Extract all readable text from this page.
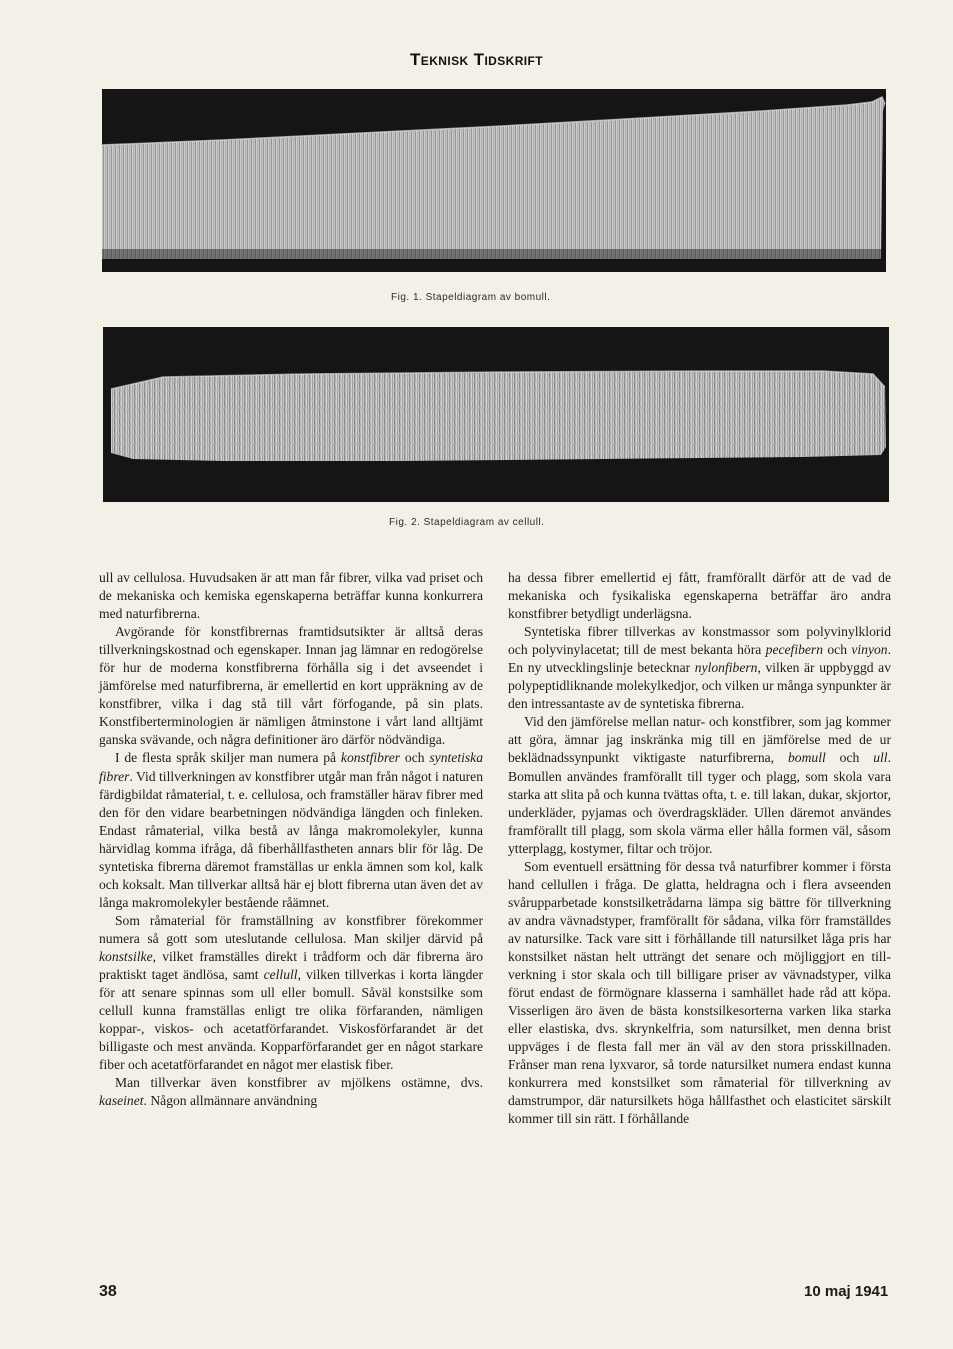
Teknisk Tidskrift
Fig. 1. Stapeldiagram av bomull.
Fig. 2. Stapeldiagram av cellull.

ull av cellulosa. Huvudsaken är att man får fibrer, vilka vad priset och de mekaniska och kemiska egenskaperna beträffar kunna konkurrera med naturfibrerna.

Avgörande för konstfibrernas framtidsutsikter är alltså deras tillverkningskostnad och egenskaper. Innan jag lämnar en redogörelse för hur de moderna konstfibrerna förhålla sig i det avseendet i jämförelse med naturfibrerna, är emellertid en kort uppräkning av de konstfibrer, vilka i dag stå till vårt förfogande, på sin plats. Konstfiberterminologien är nämligen åtminstone i vårt land alltjämt ganska svävande, och några definitioner äro därför nödvändiga.

I de flesta språk skiljer man numera på konstfibrer och syntetiska fibrer. Vid tillverkningen av konstfibrer utgår man från något i naturen färdigbildat råmaterial, t. e. cellulosa, och framställer härav fibrer med den för den vidare bearbetningen nödvändiga längden och finleken. Endast råmaterial, vilka bestå av långa makromolekyler, kunna härvidlag komma ifråga, då fiberhållfastheten annars blir för låg. De syntetiska fibrerna däremot framställas ur enkla ämnen som kol, kalk och koksalt. Man tillverkar alltså här ej blott fibrerna utan även det av långa makromolekyler bestående råämnet.

Som råmaterial för framställning av konstfibrer förekommer numera så gott som uteslutande cellulosa. Man skiljer därvid på konstsilke, vilket framställes direkt i trådform och där fibrerna äro praktiskt taget ändlösa, samt cellull, vilken tillverkas i korta längder för att senare spinnas som ull eller bomull. Såväl konstsilke som cellull kunna framställas enligt tre olika förfaranden, nämligen koppar-, viskos- och acetatförfarandet. Viskosförfarandet är det billigaste och mest använda. Kopparförfarandet ger en något starkare fiber och acetatförfarandet en något mer elastisk fiber.

Man tillverkar även konstfibrer av mjölkens ostämne, dvs. kaseinet. Någon allmännare användning

ha dessa fibrer emellertid ej fått, framförallt därför att de vad de mekaniska och fysikaliska egenskaperna beträffar äro andra konstfibrer betydligt underlägsna.

Syntetiska fibrer tillverkas av konstmassor som polyvinylklorid och polyvinylacetat; till de mest bekanta höra pecefibern och vinyon. En ny utvecklingslinje betecknar nylonfibern, vilken är uppbyggd av polypeptidliknande molekylkedjor, och vilken ur många synpunkter är den intressantaste av de syntetiska fibrerna.

Vid den jämförelse mellan natur- och konstfibrer, som jag kommer att göra, ämnar jag inskränka mig till en jämförelse med de ur beklädnadssynpunkt viktigaste naturfibrerna, bomull och ull. Bomullen användes framförallt till tyger och plagg, som skola vara starka att slita på och kunna tvättas ofta, t. e. till lakan, dukar, skjortor, underkläder, pyjamas och överdragskläder. Ullen däremot användes framförallt till plagg, som skola värma eller hålla formen väl, såsom ytterplagg, kostymer, filtar och tröjor.

Som eventuell ersättning för dessa två naturfibrer kommer i första hand cellullen i fråga. De glatta, heldragna och i flera avseenden svårupparbetade konstsilketrådarna lämpa sig bättre för tillverkning av andra vävnadstyper, framförallt för sådana, vilka förr framställdes av natursilke. Tack vare sitt i förhållande till natursilket låga pris har konstsilket nästan helt utträngt det senare och möjliggjort en tillverkning i stor skala och till billigare priser av vävnadstyper, vilka förut endast de förmögnare klasserna i samhället hade råd att köpa. Visserligen äro även de bästa konstsilkesorterna varken lika starka eller elastiska, dvs. skrynkelfria, som natursilket, men denna brist uppväges i de flesta fall mer än väl av den stora prisskillnaden. Frånser man rena lyxvaror, så torde natursilket numera endast kunna konkurrera med konstsilket som råmaterial för tillverkning av damstrumpor, där natursilkets höga hållfasthet och elasticitet särskilt kommer till sin rätt. I förhållande

38	10 maj 1941
